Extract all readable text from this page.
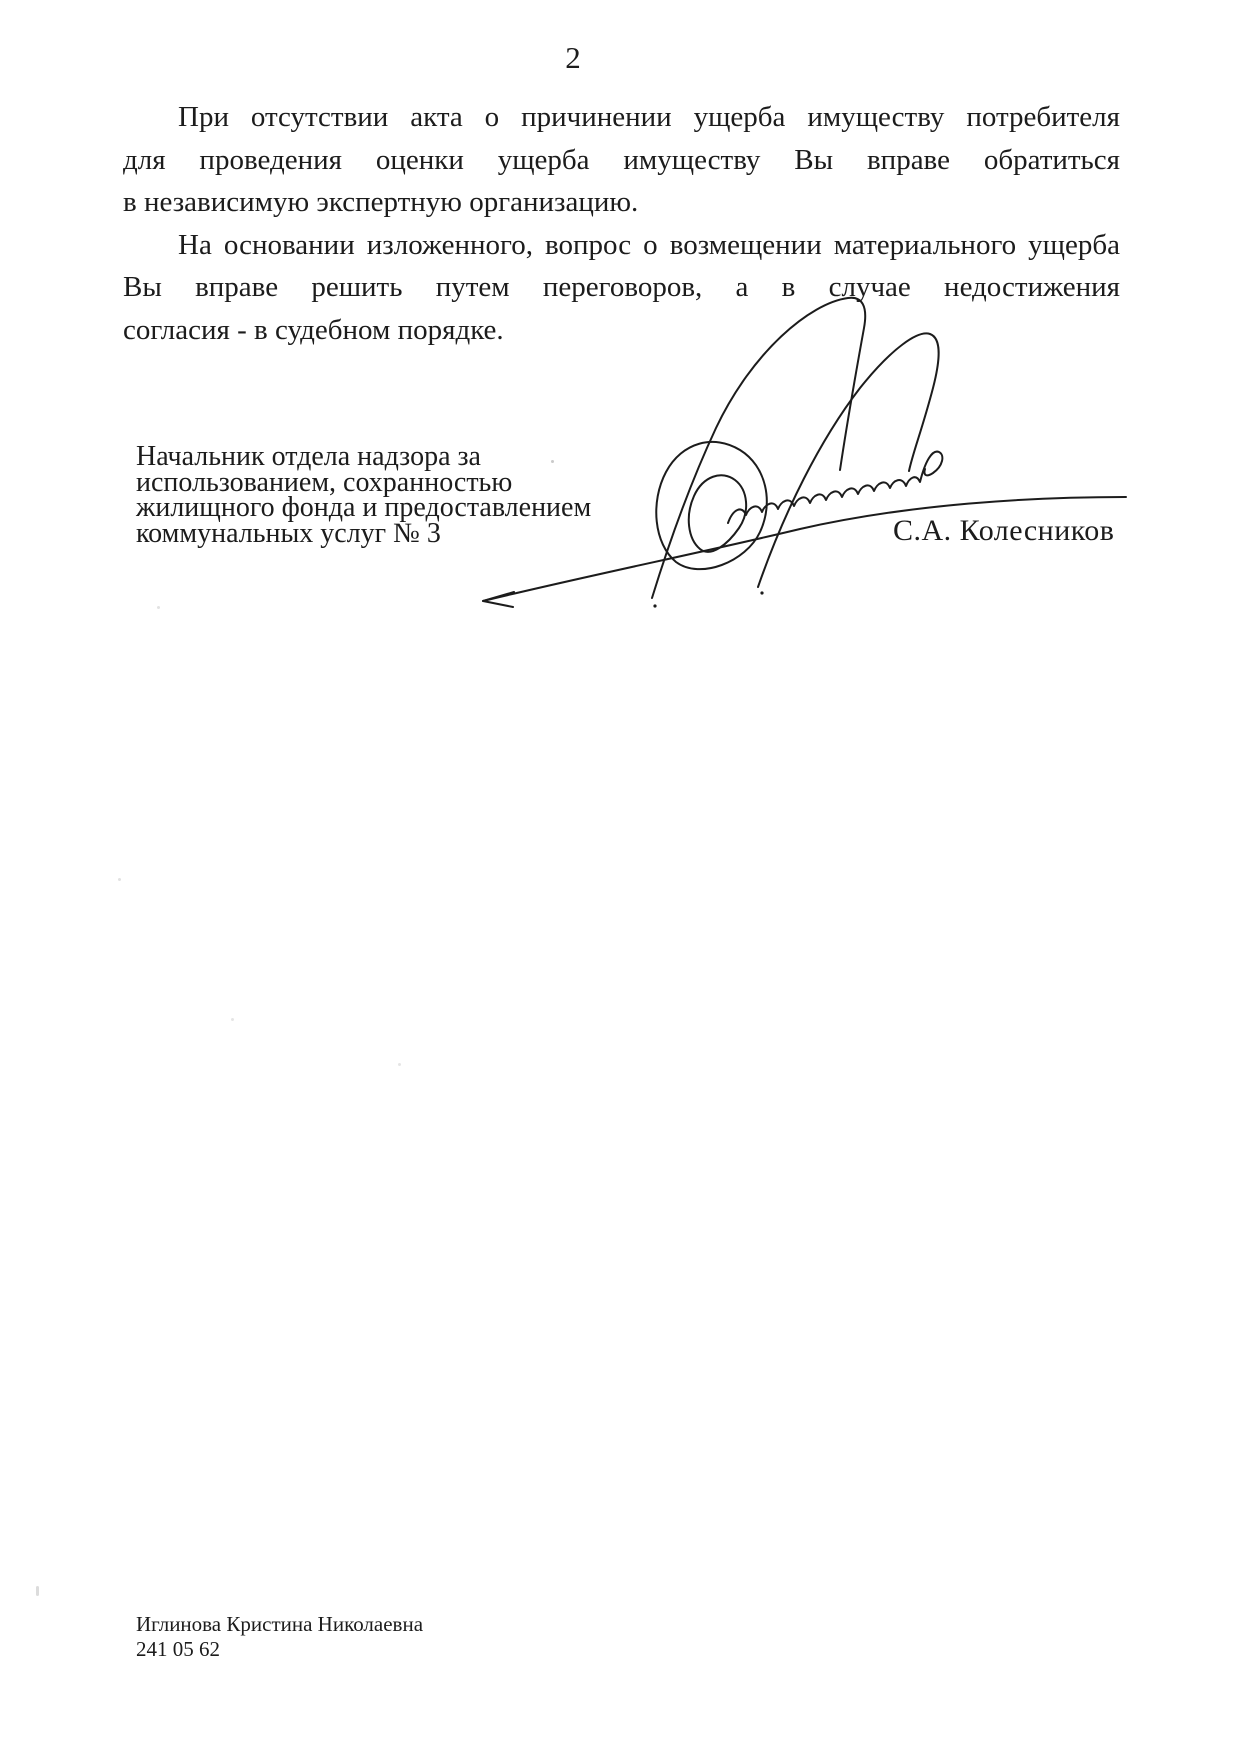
2
При отсутствии акта о причинении ущерба имуществу потребителя
для проведения оценки ущерба имуществу Вы вправе обратиться
в независимую экспертную организацию.
На основании изложенного, вопрос о возмещении материального ущерба
Вы вправе решить путем переговоров, а в случае недостижения
согласия - в судебном порядке.
Начальник отдела надзора за
использованием, сохранностью
жилищного фонда и предоставлением
коммунальных услуг № 3	С.А. Колесников
Иглинова Кристина Николаевна
241 05 62
